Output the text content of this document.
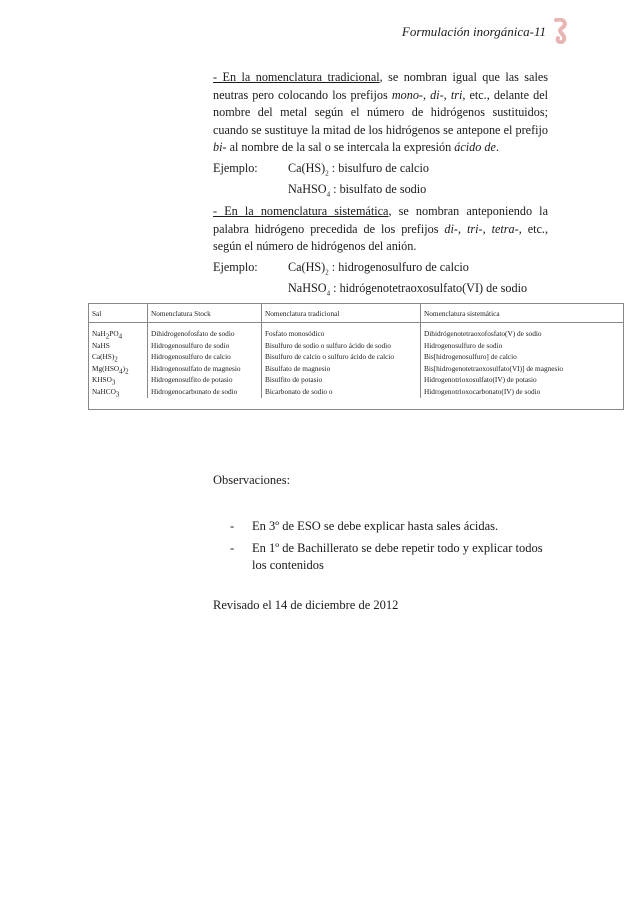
Formulación inorgánica-11

- En la nomenclatura tradicional, se nombran igual que las sales neutras pero colocando los prefijos mono-, di-, tri, etc., delante del nombre del metal según el número de hidrógenos sustituidos; cuando se sustituye la mitad de los hidrógenos se antepone el prefijo bi- al nombre de la sal o se intercala la expresión ácido de.

Ejemplo: $Ca(HS)_2$ : bisulfuro de calcio
NaHSO$_4$ : bisulfato de sodio

- En la nomenclatura sistemática, se nombran anteponiendo la palabra hidrógeno precedida de los prefijos di-, tri-, tetra-, etc., según el número de hidrógenos del anión.

Ejemplo: $Ca(HS)_2$ : hidrogenosulfuro de calcio
NaHSO$_4$ : hidrógenotetraoxosulfato(VI) de sodio
Sal	Nomenclatura Stock	Nomenclatura tradicional	Nomenclatura sistemática
$NaH_2PO_4$	Dihidrogenofosfato de sodio	Fosfato monosódico	Dihidrógenotetraoxofosfato(V) de sodio
NaHS	Hidrogenosulfuro de sodio	Bisulfuro de sodio o sulfuro ácido de sodio	Hidrogenosulfuro de sodio
$Ca(HS)_2$	Hidrogenosulfuro de calcio	Bisulfuro de calcio o sulfuro ácido de calcio	Bis[hidrogenosulfuro] de calcio
$Mg(HSO_4)_2$	Hidrogenosulfato de magnesio	Bisulfato de magnesio	Bis[hidrogenotetraoxosulfato(VI)] de magnesio
$KHSO_3$	Hidrogenosulfito de potasio	Bisulfito de potasio	Hidrogenotrioxosulfato(IV) de potasio
NaHCO$_3$	Hidrogenocarbonato de sodio	Bicarbonato de sodio o	Hidrogenotrioxocarbonato(IV) de sodio
Observaciones:
- En 3º de ESO se debe explicar hasta sales ácidas.
- En 1º de Bachillerato se debe repetir todo y explicar todos los contenidos
Revisado el 14 de diciembre de 2012
